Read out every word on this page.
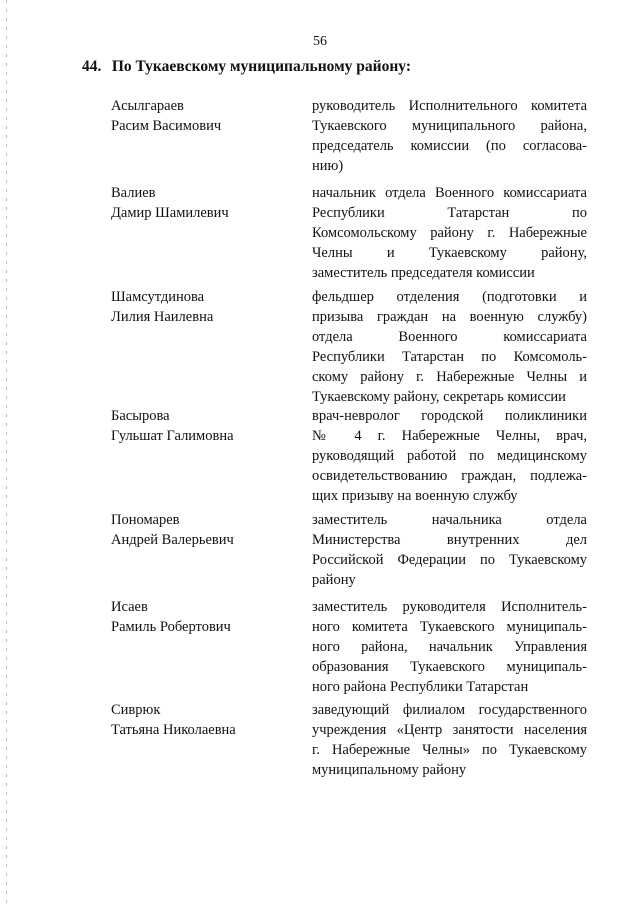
56
44. По Тукаевскому муниципальному району:
Асылгараев
Расим Васимович
руководитель Исполнительного комитета
Тукаевского муниципального района,
председатель комиссии (по согласова-
нию)
Валиев
Дамир Шамилевич
начальник отдела Военного комиссариата
Республики Татарстан по
Комсомольскому району г. Набережные
Челны и Тукаевскому району,
заместитель председателя комиссии
Шамсутдинова
Лилия Наилевна
фельдшер отделения (подготовки и
призыва граждан на военную службу)
отдела Военного комиссариата
Республики Татарстан по Комсомоль-
скому району г. Набережные Челны и
Тукаевскому району, секретарь комиссии
Басырова
Гульшат Галимовна
врач-невролог городской поликлиники
№ 4 г. Набережные Челны, врач,
руководящий работой по медицинскому
освидетельствованию граждан, подлежа-
щих призыву на военную службу
Пономарев
Андрей Валерьевич
заместитель начальника отдела
Министерства внутренних дел
Российской Федерации по Тукаевскому
району
Исаев
Рамиль Робертович
заместитель руководителя Исполнитель-
ного комитета Тукаевского муниципаль-
ного района, начальник Управления
образования Тукаевского муниципаль-
ного района Республики Татарстан
Сиврюк
Татьяна Николаевна
заведующий филиалом государственного
учреждения «Центр занятости населения
г. Набережные Челны» по Тукаевскому
муниципальному району
